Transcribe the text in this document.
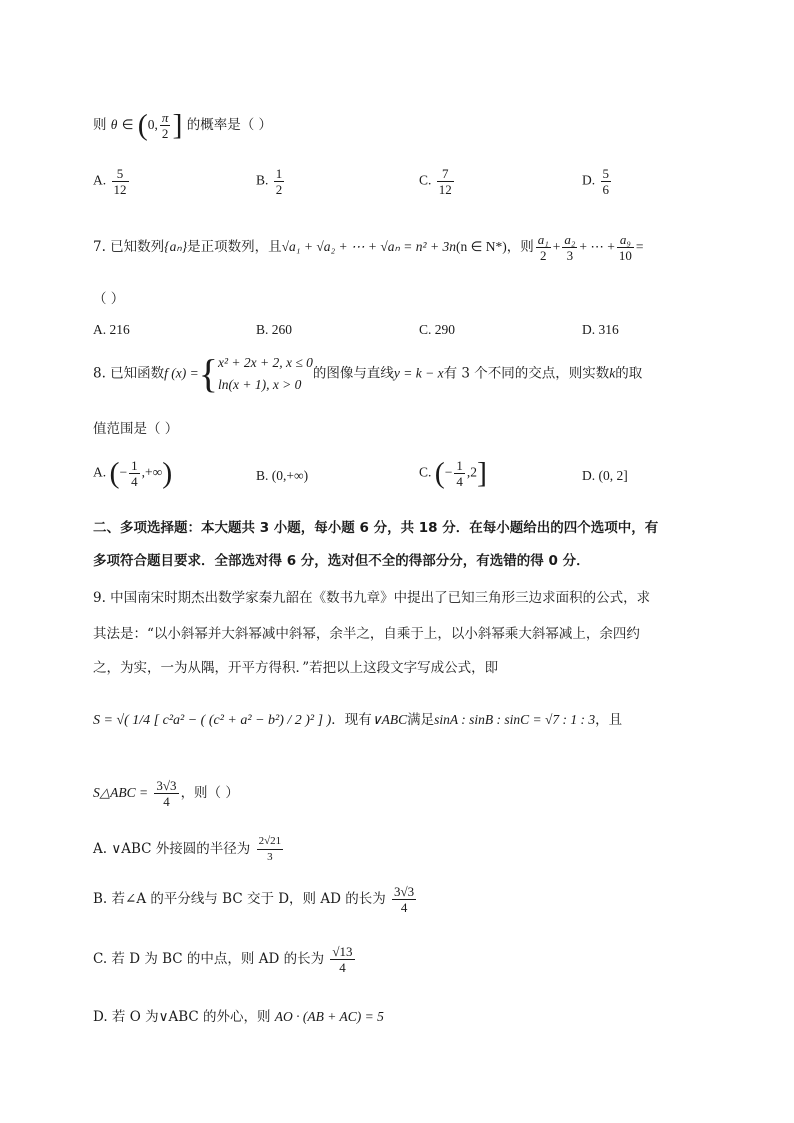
则 θ ∈ (0, $\frac{\pi}{2}$ ] 的概率是（ ）
A. $\frac{5}{12}$	B. $\frac{1}{2}$	C. $\frac{7}{12}$	D. $\frac{5}{6}$
7. 已知数列{aₙ}是正项数列，且√a₁ + √a₂ + ⋯ + √aₙ = n² + 3n(n ∈ N*)，则 $\frac{\text{a₁}}{2} + \frac{\text{a₂}}{3}$ + ⋯ + $\frac{\text{a₉}}{10}$ =
（ ）
A. 216	B. 260	C. 290	D. 316
8. 已知函数f (x) ={ x² + 2x + 2, x ≤ 0
ln(x + 1), x > 0
的图像与直线y = k − x有 3 个不同的交点，则实数k的取
值范围是（ ）
A. (− $\frac{1}{4}$ ,+∞)	B. (0,+∞)	C. (− $\frac{1}{4} ,2$]	D. (0, 2]
二、多项选择题：本大题共 3 小题，每小题 6 分，共 18 分．在每小题给出的四个选项中，有
多项符合题目要求．全部选对得 6 分，选对但不全的得部分分，有选错的得 0 分．
9. 中国南宋时期杰出数学家秦九韶在《数书九章》中提出了已知三角形三边求面积的公式，求
其法是：“以小斜幂并大斜幂减中斜幂，余半之，自乘于上，以小斜幂乘大斜幂减上，余四约
之，为实，一为从隅，开平方得积．”若把以上这段文字写成公式，即
S = √( 1/4 [ c²a² − ( (c² + a² − b²) / 2 )² ] )．现有∨ABC满足sinA : sinB : sinC = √7 : 1 : 3，且
S△ABC = $\frac{3√3}{4}$ ，则（ ）
A. ∨ABC 外接圆的半径为 $\frac{2√21}{3}$
B. 若∠A 的平分线与 BC 交于 D，则 AD 的长为 $\frac{3√3}{4}$
C. 若 D 为 BC 的中点，则 AD 的长为 $\frac{√13}{4}$
D. 若 O 为∨ABC 的外心，则 AO · (AB + AC) = 5
